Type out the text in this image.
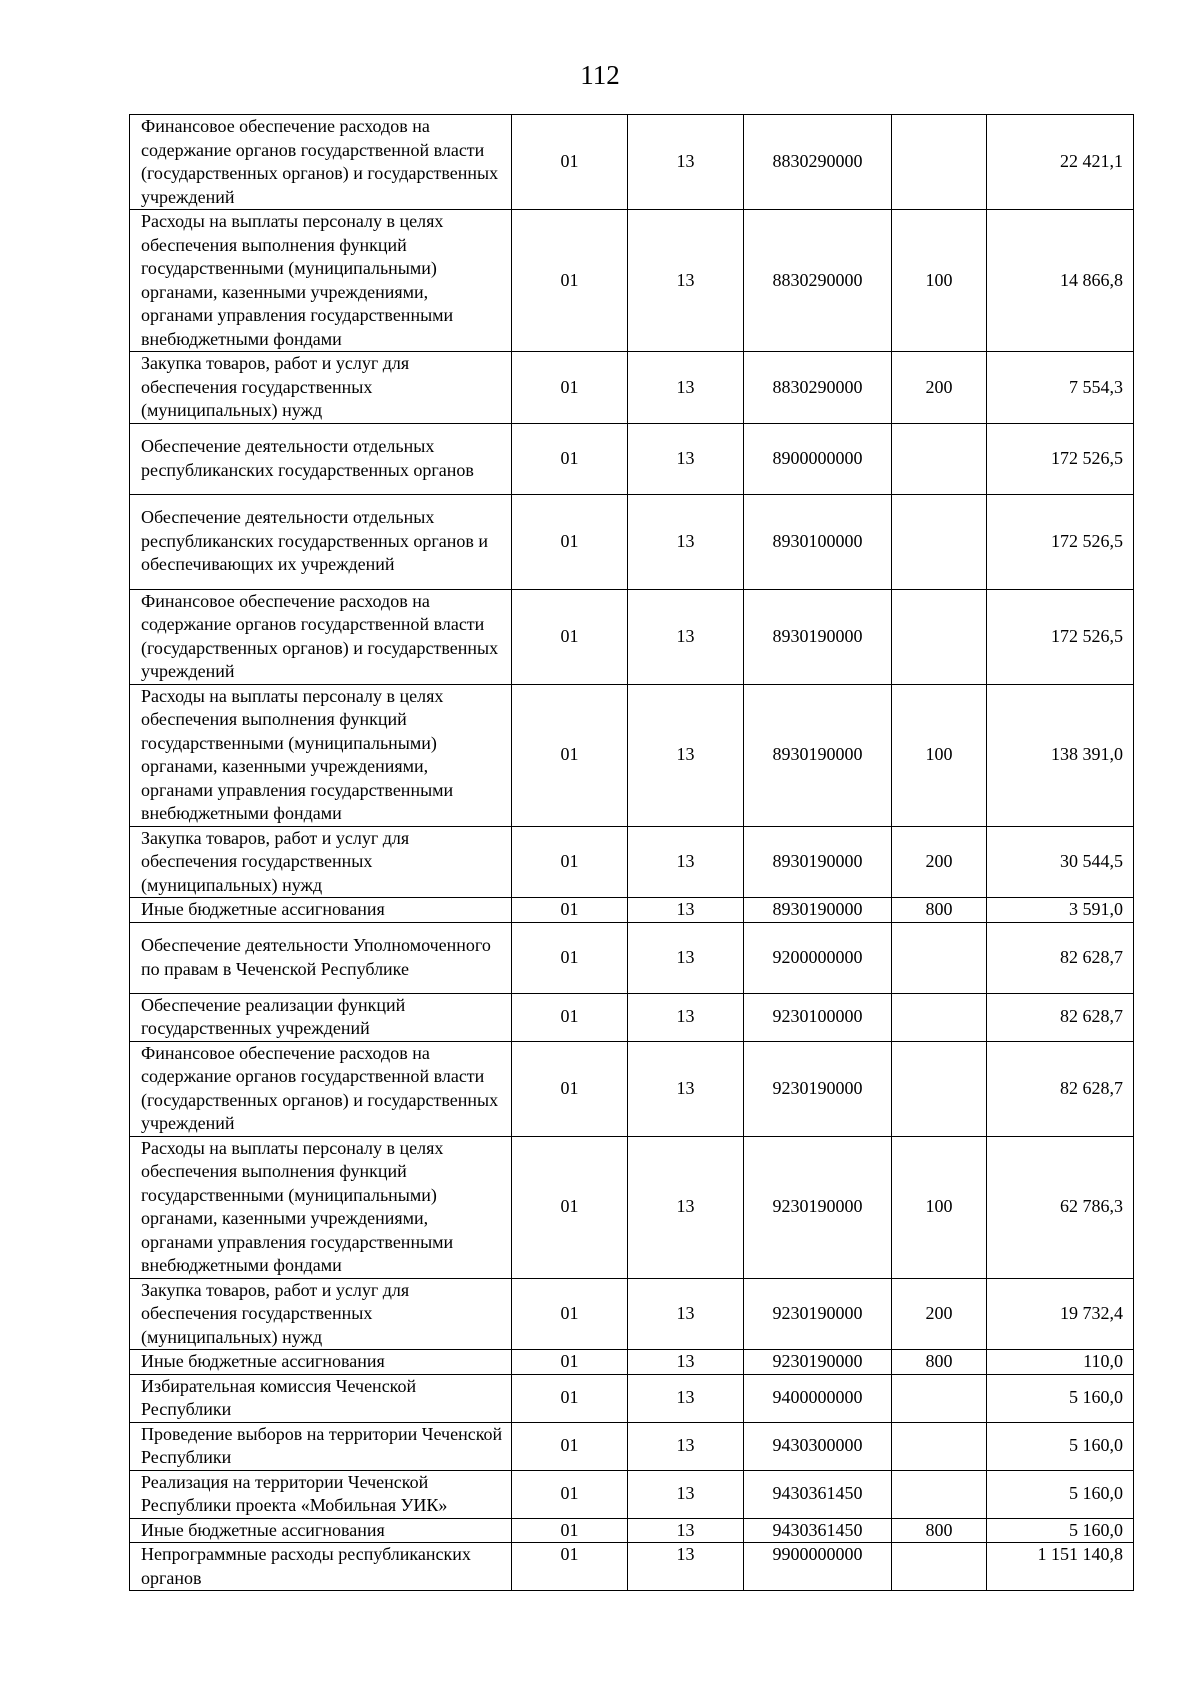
112
Финансовое обеспечение расходов на содержание органов государственной власти (государственных органов) и государственных учреждений	01	13	8830290000		22 421,1
Расходы на выплаты персоналу в целях обеспечения выполнения функций государственными (муниципальными) органами, казенными учреждениями, органами управления государственными внебюджетными фондами	01	13	8830290000	100	14 866,8
Закупка товаров, работ и услуг для обеспечения государственных (муниципальных) нужд	01	13	8830290000	200	7 554,3
Обеспечение деятельности отдельных республиканских государственных органов	01	13	8900000000		172 526,5
Обеспечение деятельности отдельных республиканских государственных органов и обеспечивающих их учреждений	01	13	8930100000		172 526,5
Финансовое обеспечение расходов на содержание органов государственной власти (государственных органов) и государственных учреждений	01	13	8930190000		172 526,5
Расходы на выплаты персоналу в целях обеспечения выполнения функций государственными (муниципальными) органами, казенными учреждениями, органами управления государственными внебюджетными фондами	01	13	8930190000	100	138 391,0
Закупка товаров, работ и услуг для обеспечения государственных (муниципальных) нужд	01	13	8930190000	200	30 544,5
Иные бюджетные ассигнования	01	13	8930190000	800	3 591,0
Обеспечение деятельности Уполномоченного по правам в Чеченской Республике	01	13	9200000000		82 628,7
Обеспечение реализации функций государственных учреждений	01	13	9230100000		82 628,7
Финансовое обеспечение расходов на содержание органов государственной власти (государственных органов) и государственных учреждений	01	13	9230190000		82 628,7
Расходы на выплаты персоналу в целях обеспечения выполнения функций государственными (муниципальными) органами, казенными учреждениями, органами управления государственными внебюджетными фондами	01	13	9230190000	100	62 786,3
Закупка товаров, работ и услуг для обеспечения государственных (муниципальных) нужд	01	13	9230190000	200	19 732,4
Иные бюджетные ассигнования	01	13	9230190000	800	110,0
Избирательная комиссия Чеченской Республики	01	13	9400000000		5 160,0
Проведение выборов на территории Чеченской Республики	01	13	9430300000		5 160,0
Реализация на территории Чеченской Республики проекта «Мобильная УИК»	01	13	9430361450		5 160,0
Иные бюджетные ассигнования	01	13	9430361450	800	5 160,0
Непрограммные расходы республиканских органов	01	13	9900000000		1 151 140,8
